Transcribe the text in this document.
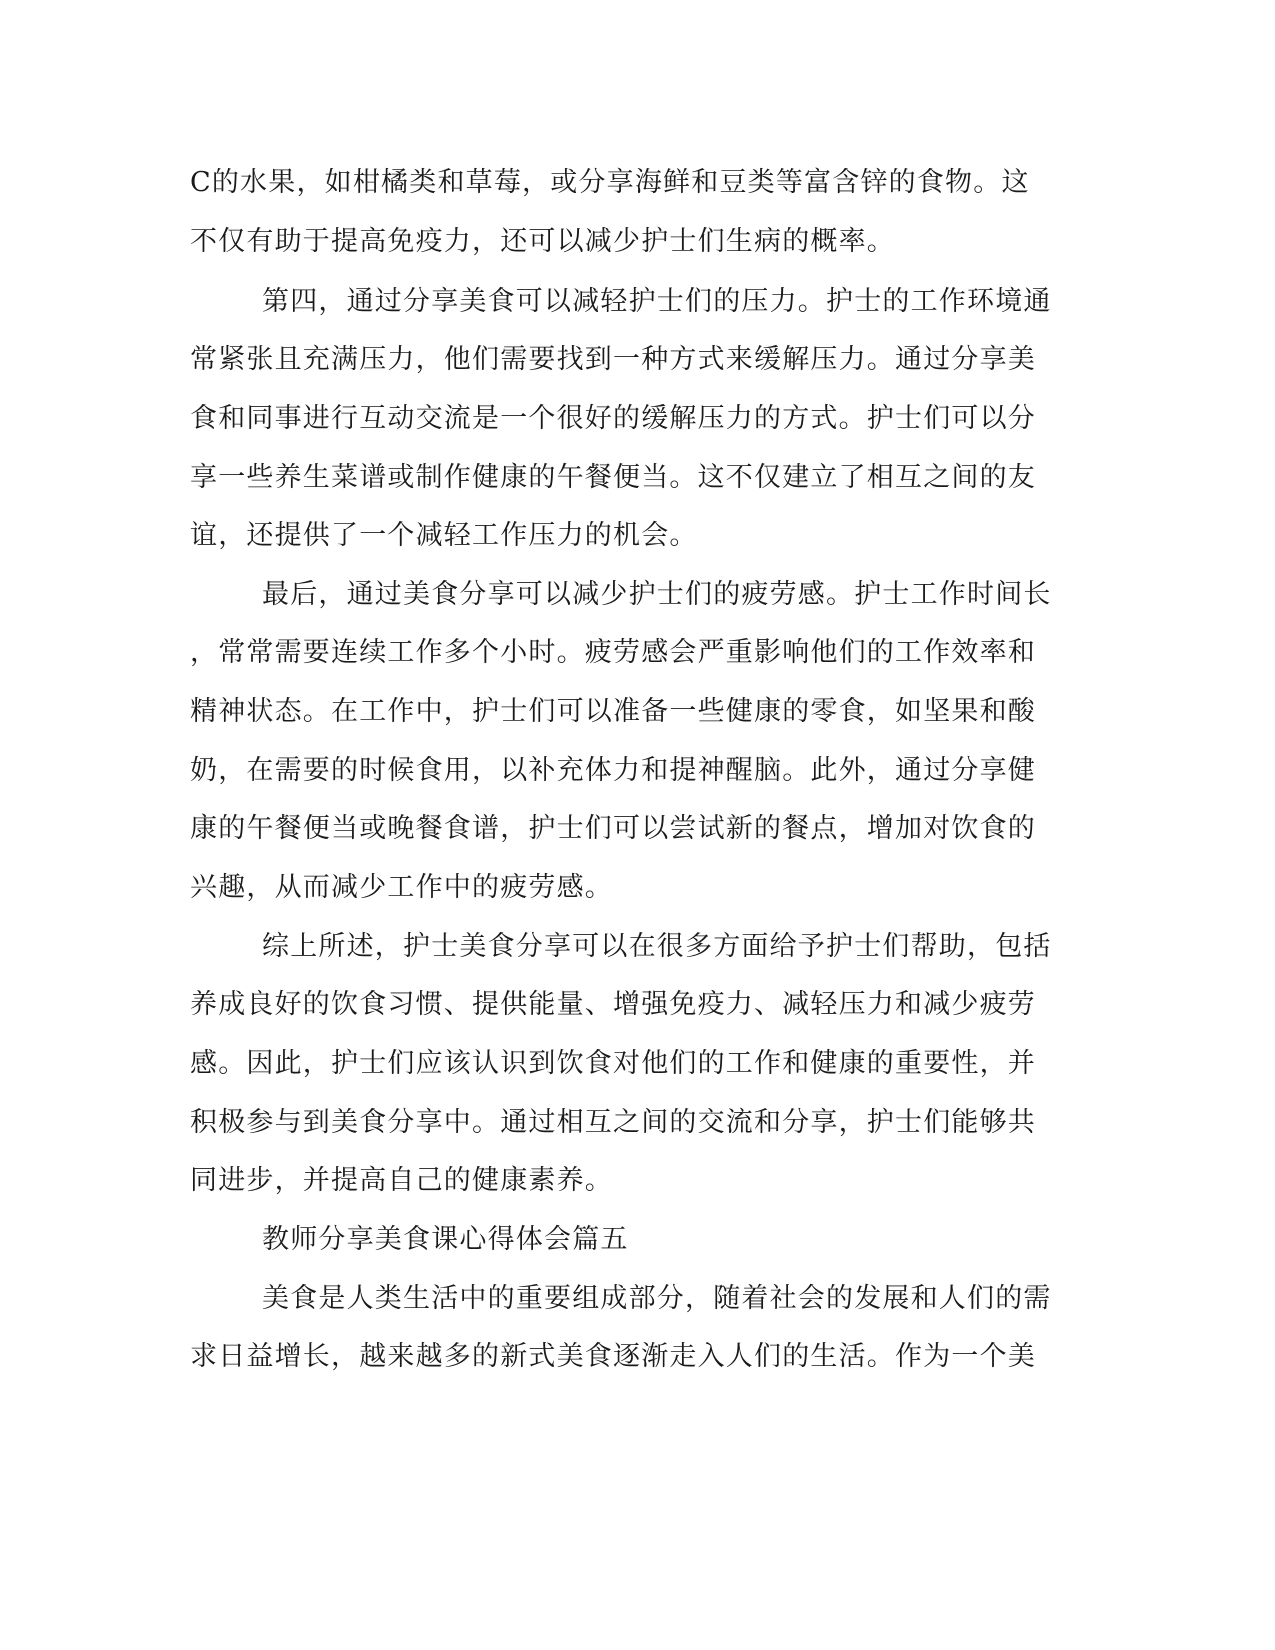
C的水果，如柑橘类和草莓，或分享海鲜和豆类等富含锌的食物。这
不仅有助于提高免疫力，还可以减少护士们生病的概率。
第四，通过分享美食可以减轻护士们的压力。护士的工作环境通
常紧张且充满压力，他们需要找到一种方式来缓解压力。通过分享美
食和同事进行互动交流是一个很好的缓解压力的方式。护士们可以分
享一些养生菜谱或制作健康的午餐便当。这不仅建立了相互之间的友
谊，还提供了一个减轻工作压力的机会。
最后，通过美食分享可以减少护士们的疲劳感。护士工作时间长
，常常需要连续工作多个小时。疲劳感会严重影响他们的工作效率和
精神状态。在工作中，护士们可以准备一些健康的零食，如坚果和酸
奶，在需要的时候食用，以补充体力和提神醒脑。此外，通过分享健
康的午餐便当或晚餐食谱，护士们可以尝试新的餐点，增加对饮食的
兴趣，从而减少工作中的疲劳感。
综上所述，护士美食分享可以在很多方面给予护士们帮助，包括
养成良好的饮食习惯、提供能量、增强免疫力、减轻压力和减少疲劳
感。因此，护士们应该认识到饮食对他们的工作和健康的重要性，并
积极参与到美食分享中。通过相互之间的交流和分享，护士们能够共
同进步，并提高自己的健康素养。
教师分享美食课心得体会篇五
美食是人类生活中的重要组成部分，随着社会的发展和人们的需
求日益增长，越来越多的新式美食逐渐走入人们的生活。作为一个美
